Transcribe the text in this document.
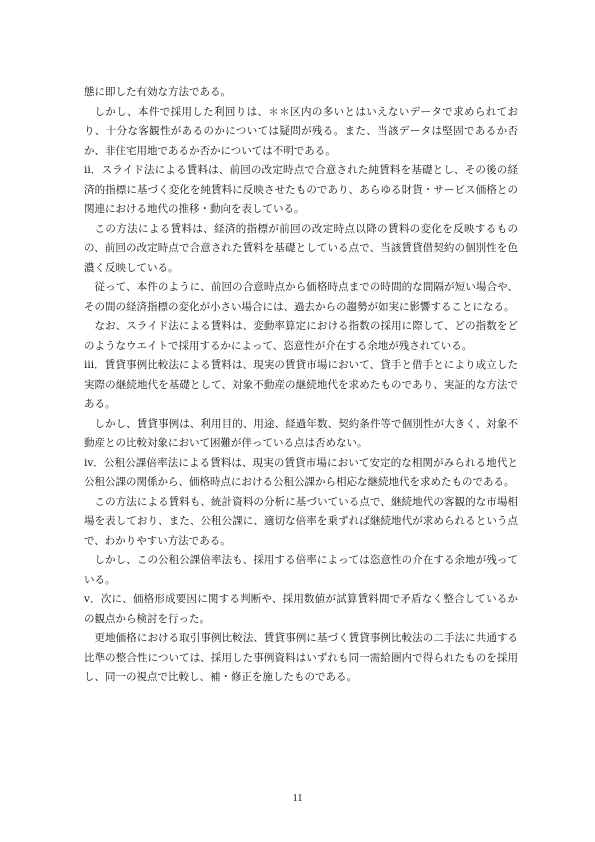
態に即した有効な方法である。

しかし、本件で採用した利回りは、＊＊区内の多いとはいえないデータで求められており、十分な客観性があるのかについては疑問が残る。また、当該データは堅固であるか否か、非住宅用地であるか否かについては不明である。

ⅱ．スライド法による賃料は、前回の改定時点で合意された純賃料を基礎とし、その後の経済的指標に基づく変化を純賃料に反映させたものであり、あらゆる財貨・サービス価格との関連における地代の推移・動向を表している。

この方法による賃料は、経済的指標が前回の改定時点以降の賃料の変化を反映するものの、前回の改定時点で合意された賃料を基礎としている点で、当該賃貸借契約の個別性を色濃く反映している。

従って、本件のように、前回の合意時点から価格時点までの時間的な間隔が短い場合や、その間の経済指標の変化が小さい場合には、過去からの趨勢が如実に影響することになる。

なお、スライド法による賃料は、変動率算定における指数の採用に際して、どの指数をどのようなウエイトで採用するかによって、恣意性が介在する余地が残されている。

ⅲ．賃貸事例比較法による賃料は、現実の賃貸市場において、貸手と借手とにより成立した実際の継続地代を基礎として、対象不動産の継続地代を求めたものであり、実証的な方法である。

しかし、賃貸事例は、利用目的、用途、経過年数、契約条件等で個別性が大きく、対象不動産との比較対象において困難が伴っている点は否めない。

ⅳ．公租公課倍率法による賃料は、現実の賃貸市場において安定的な相関がみられる地代と公租公課の関係から、価格時点における公租公課から相応な継続地代を求めたものである。

この方法による賃料も、統計資料の分析に基づいている点で、継続地代の客観的な市場相場を表しており、また、公租公課に、適切な倍率を乗ずれば継続地代が求められるという点で、わかりやすい方法である。

しかし、この公租公課倍率法も、採用する倍率によっては恣意性の介在する余地が残っている。

ⅴ．次に、価格形成要因に関する判断や、採用数値が試算賃料間で矛盾なく整合しているかの観点から検討を行った。

更地価格における取引事例比較法、賃貸事例に基づく賃貸事例比較法の二手法に共通する比準の整合性については、採用した事例資料はいずれも同一需給圏内で得られたものを採用し、同一の視点で比較し、補・修正を施したものである。

11
